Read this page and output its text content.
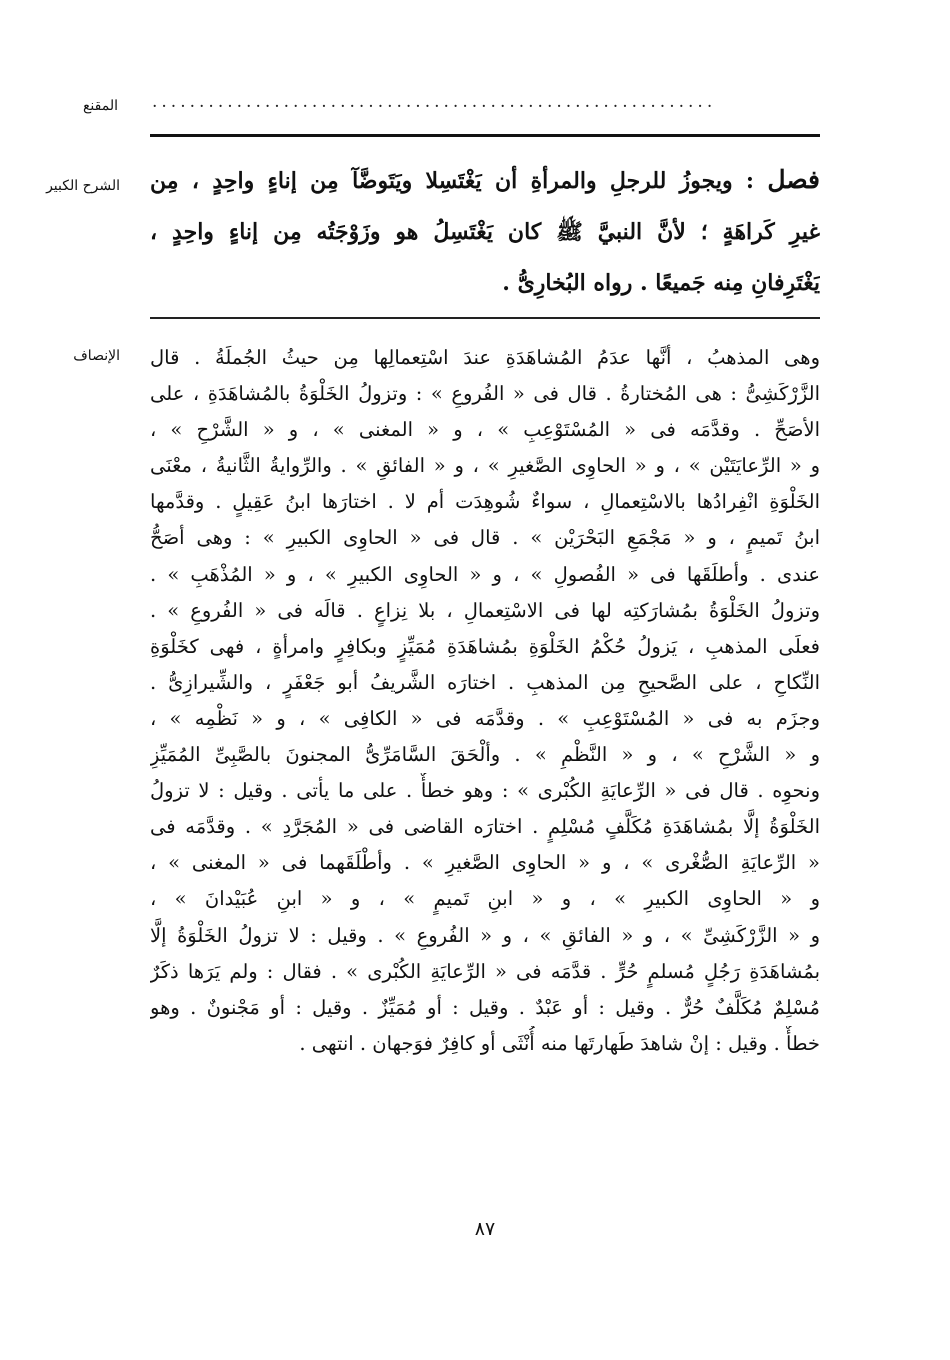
المقنع ............................................................
الشرح الكبير
الإنصاف
فصل : ويجوزُ للرجلِ والمرأةِ أن يَغْتَسِلا ويَتَوضَّآ مِن إناءٍ واحِدٍ ، مِن
غيرِ كَراهَةٍ ؛ لأنَّ النبيَّ ﷺ كان يَغْتَسِلُ هو وزَوْجَتُه مِن إناءٍ واحِدٍ ،
يَغْتَرِفانِ مِنه جَميعًا . رواه البُخارِىُّ .
وهى المذهبُ ، أنَّها عدَمُ المُشاهَدَةِ عندَ اسْتِعمالِها مِن حيثُ الجُملَةُ . قال
الزَّرْكَشِىُّ : هى المُختارةُ . قال فى « الفُروعِ » : وتزولُ الخَلْوَةُ بالمُشاهَدَةِ ، على
الأصَحِّ . وقدَّمَه فى « المُسْتَوْعِبِ » ، و « المغنى » ، و « الشَّرْحِ » ،
و « الرِّعايَتَيْن » ، و « الحاوِى الصَّغيرِ » ، و « الفائقِ » . والرِّوايةُ الثَّانيةُ ، معْنَى
الخَلْوَةِ انْفِرادُها بالاسْتِعمالِ ، سواءٌ شُوهِدَت أم لا . اختارَها ابنُ عَقِيلٍ . وقدَّمها
ابنُ تَميمٍ ، و « مَجْمَعِ البَحْرَيْن » . قال فى « الحاوِى الكبيرِ » : وهى أصَحُّ
عندى . وأطلَقَها فى « الفُصولِ » ، و « الحاوِى الكبيرِ » ، و « المُذْهَبِ » .
وتزولُ الخَلْوَةُ بمُشارَكتِه لها فى الاسْتِعمالِ ، بلا نِزاعٍ . قالَه فى « الفُروعِ » .
فعلَى المذهبِ ، يَزولُ حُكْمُ الخَلْوَةِ بمُشاهَدَةِ مُمَيِّزٍ وبكافِرٍ وامرأةٍ ، فهى كخَلْوَةِ
النِّكاحِ ، على الصَّحيحِ مِن المذهبِ . اختارَه الشَّريفُ أبو جَعْفَرٍ ، والشِّيرازِىُّ .
وجزَم به فى « المُسْتَوْعِبِ » . وقدَّمَه فى « الكافِى » ، و « نَظْمِه » ،
و « الشَّرْحِ » ، و « النَّظْمِ » . وألْحَقَ السَّامَرِّىُّ المجنونَ بالصَّبِىِّ المُمَيِّزِ
ونحوِه . قال فى « الرِّعايَةِ الكُبْرى » : وهو خطأٌ . على ما يأتى . وقيل : لا تزولُ
الخَلْوَةُ إلَّا بمُشاهَدَةِ مُكَلَّفٍ مُسْلِمٍ . اختارَه القاضى فى « المُجَرَّدِ » . وقدَّمَه فى
« الرِّعايَةِ الصُّغْرى » ، و « الحاوِى الصَّغيرِ » . وأطْلَقَهما فى « المغنى » ،
و « الحاوِى الكبيرِ » ، و « ابنِ تَميمٍ » ، و « ابنِ عُبَيْدانَ » ،
و « الزَّرْكَشِىِّ » ، و « الفائقِ » ، و « الفُروعِ » . وقيل : لا تزولُ الخَلْوَةُ إلَّا
بمُشاهَدَةِ رَجُلٍ مُسلمٍ حُرٍّ . قدَّمَه فى « الرِّعايَةِ الكُبْرى » . فقال : ولم يَرَها ذكَرٌ
مُسْلِمٌ مُكَلَّفٌ حُرٌّ . وقيل : أو عَبْدٌ . وقيل : أو مُمَيِّزٌ . وقيل : أو مَجْنونٌ . وهو
خطأٌ . وقيل : إنْ شاهدَ طَهارتَها منه أُنْثَى أو كافِرٌ فوَجهان . انتهى .
٨٧
